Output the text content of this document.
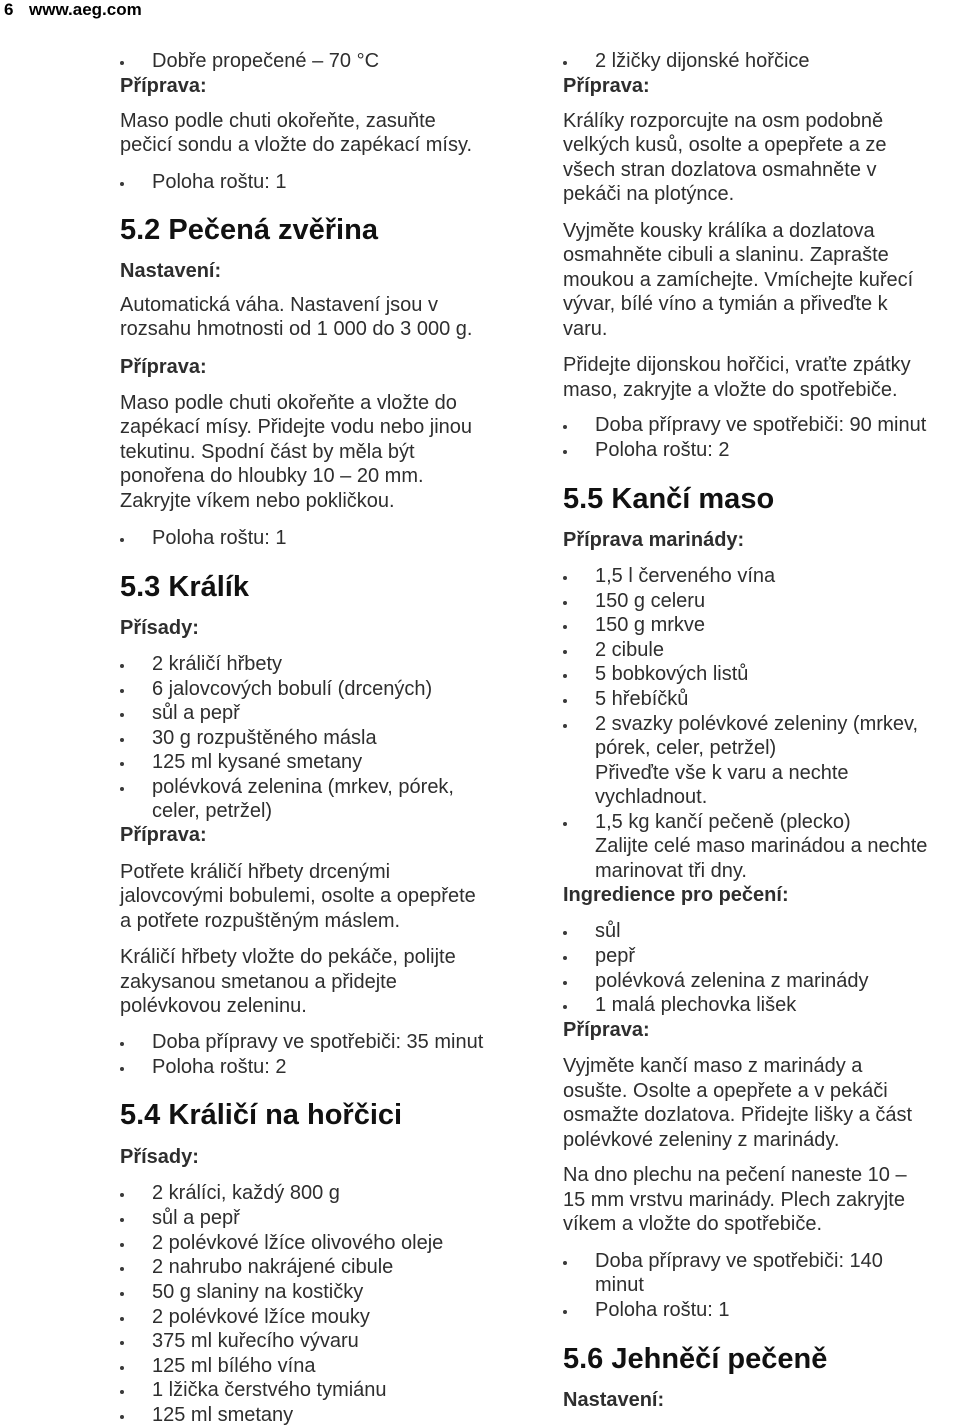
6 www.aeg.com
Dobře propečené – 70 °C
Příprava:
Maso podle chuti okořeňte, zasuňte
pečicí sondu a vložte do zapékací mísy.
Poloha roštu: 1
5.2 Pečená zvěřina
Nastavení:
Automatická váha. Nastavení jsou v
rozsahu hmotnosti od 1 000 do 3 000 g.
Příprava:
Maso podle chuti okořeňte a vložte do
zapékací mísy. Přidejte vodu nebo jinou
tekutinu. Spodní část by měla být
ponořena do hloubky 10 – 20 mm.
Zakryjte víkem nebo pokličkou.
Poloha roštu: 1
5.3 Králík
Přísady:
2 králičí hřbety
6 jalovcových bobulí (drcených)
sůl a pepř
30 g rozpuštěného másla
125 ml kysané smetany
polévková zelenina (mrkev, pórek,
celer, petržel)
Příprava:
Potřete králičí hřbety drcenými
jalovcovými bobulemi, osolte a opepřete
a potřete rozpuštěným máslem.
Králičí hřbety vložte do pekáče, polijte
zakysanou smetanou a přidejte
polévkovou zeleninu.
Doba přípravy ve spotřebiči: 35 minut
Poloha roštu: 2
5.4 Králičí na hořčici
Přísady:
2 králíci, každý 800 g
sůl a pepř
2 polévkové lžíce olivového oleje
2 nahrubo nakrájené cibule
50 g slaniny na kostičky
2 polévkové lžíce mouky
375 ml kuřecího vývaru
125 ml bílého vína
1 lžička čerstvého tymiánu
125 ml smetany
2 lžičky dijonské hořčice
Příprava:
Králíky rozporcujte na osm podobně
velkých kusů, osolte a opepřete a ze
všech stran dozlatova osmahněte v
pekáči na plotýnce.
Vyjměte kousky králíka a dozlatova
osmahněte cibuli a slaninu. Zaprašte
moukou a zamíchejte. Vmíchejte kuřecí
vývar, bílé víno a tymián a přiveďte k
varu.
Přidejte dijonskou hořčici, vraťte zpátky
maso, zakryjte a vložte do spotřebiče.
Doba přípravy ve spotřebiči: 90 minut
Poloha roštu: 2
5.5 Kančí maso
Příprava marinády:
1,5 l červeného vína
150 g celeru
150 g mrkve
2 cibule
5 bobkových listů
5 hřebíčků
2 svazky polévkové zeleniny (mrkev,
pórek, celer, petržel)
Přiveďte vše k varu a nechte
vychladnout.
1,5 kg kančí pečeně (plecko)
Zalijte celé maso marinádou a nechte
marinovat tři dny.
Ingredience pro pečení:
sůl
pepř
polévková zelenina z marinády
1 malá plechovka lišek
Příprava:
Vyjměte kančí maso z marinády a
osušte. Osolte a opepřete a v pekáči
osmažte dozlatova. Přidejte lišky a část
polévkové zeleniny z marinády.
Na dno plechu na pečení naneste 10 –
15 mm vrstvu marinády. Plech zakryjte
víkem a vložte do spotřebiče.
Doba přípravy ve spotřebiči: 140
minut
Poloha roštu: 1
5.6 Jehněčí pečeně
Nastavení:
